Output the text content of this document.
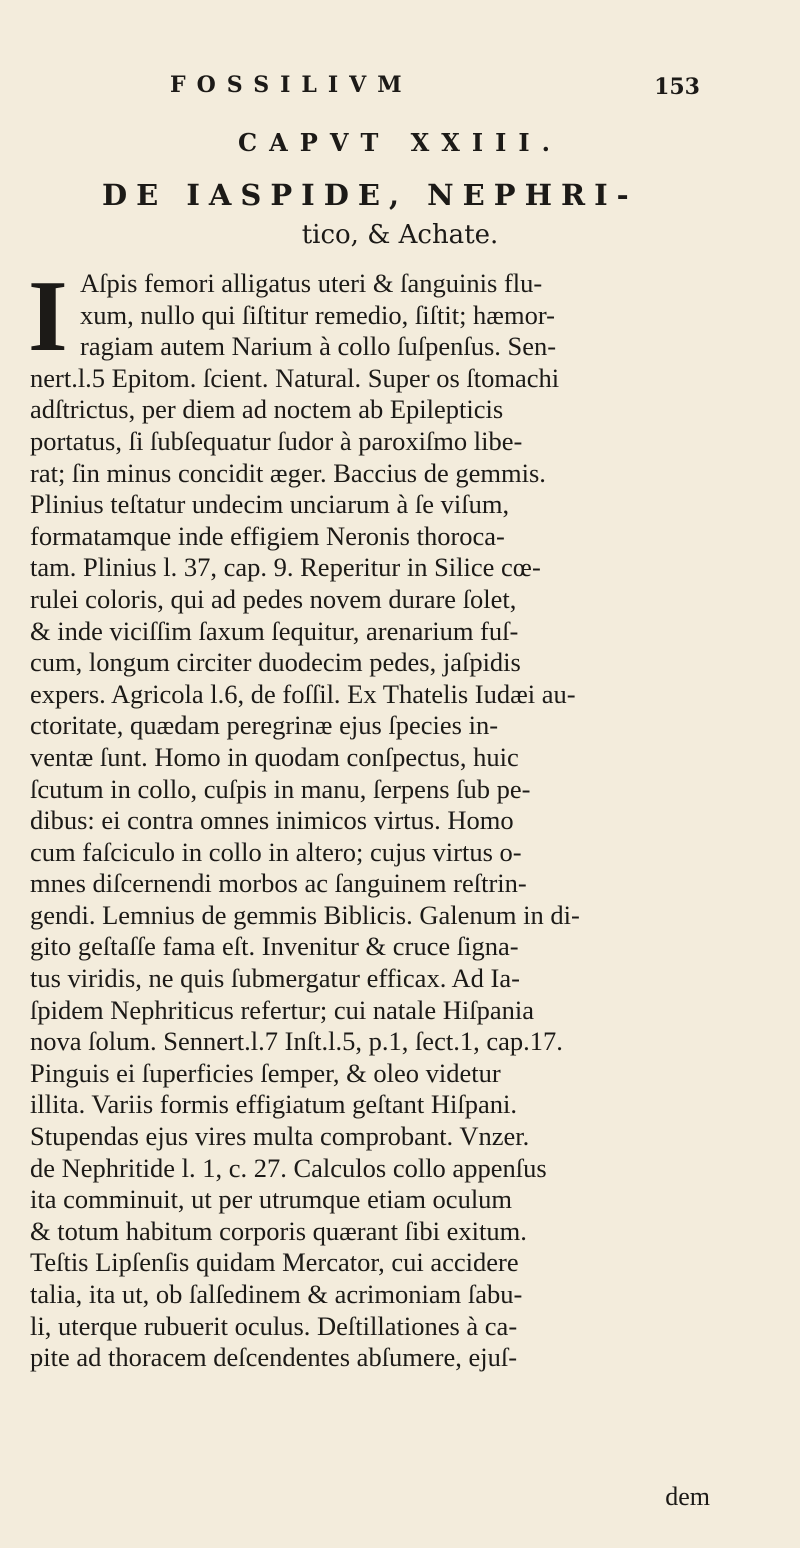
FOSSILIVM	153
CAPVT XXIII.
DE IASPIDE, NEPHRI-
tico, & Achate.
I Aſpis femori alligatus uteri & ſanguinis flu-
xum, nullo qui ſiſtitur remedio, ſiſtit; hæmor-
ragiam autem Narium à collo ſuſpenſus. Sen-
nert.l.5 Epitom. ſcient. Natural. Super os ſtomachi
adſtrictus, per diem ad noctem ab Epilepticis
portatus, ſi ſubſequatur ſudor à paroxiſmo libe-
rat; ſin minus concidit æger. Baccius de gemmis.
Plinius teſtatur undecim unciarum à ſe viſum,
formatamque inde effigiem Neronis thoroca-
tam. Plinius l. 37, cap. 9. Reperitur in Silice cœ-
rulei coloris, qui ad pedes novem durare ſolet,
& inde viciſſim ſaxum ſequitur, arenarium fuſ-
cum, longum circiter duodecim pedes, jaſpidis
expers. Agricola l.6, de foſſil. Ex Thatelis Iudæi au-
ctoritate, quædam peregrinæ ejus ſpecies in-
ventæ ſunt. Homo in quodam conſpectus, huic
ſcutum in collo, cuſpis in manu, ſerpens ſub pe-
dibus: ei contra omnes inimicos virtus. Homo
cum faſciculo in collo in altero; cujus virtus o-
mnes diſcernendi morbos ac ſanguinem reſtrin-
gendi. Lemnius de gemmis Biblicis. Galenum in di-
gito geſtaſſe fama eſt. Invenitur & cruce ſigna-
tus viridis, ne quis ſubmergatur efficax. Ad Ia-
ſpidem Nephriticus refertur; cui natale Hiſpania
nova ſolum. Sennert.l.7 Inſt.l.5, p.1, ſect.1, cap.17.
Pinguis ei ſuperficies ſemper, & oleo videtur
illita. Variis formis effigiatum geſtant Hiſpani.
Stupendas ejus vires multa comprobant. Vnzer.
de Nephritide l. 1, c. 27. Calculos collo appenſus
ita comminuit, ut per utrumque etiam oculum
& totum habitum corporis quærant ſibi exitum.
Teſtis Lipſenſis quidam Mercator, cui accidere
talia, ita ut, ob ſalſedinem & acrimoniam ſabu-
li, uterque rubuerit oculus. Deſtillationes à ca-
pite ad thoracem deſcendentes abſumere, ejuſ-
dem
